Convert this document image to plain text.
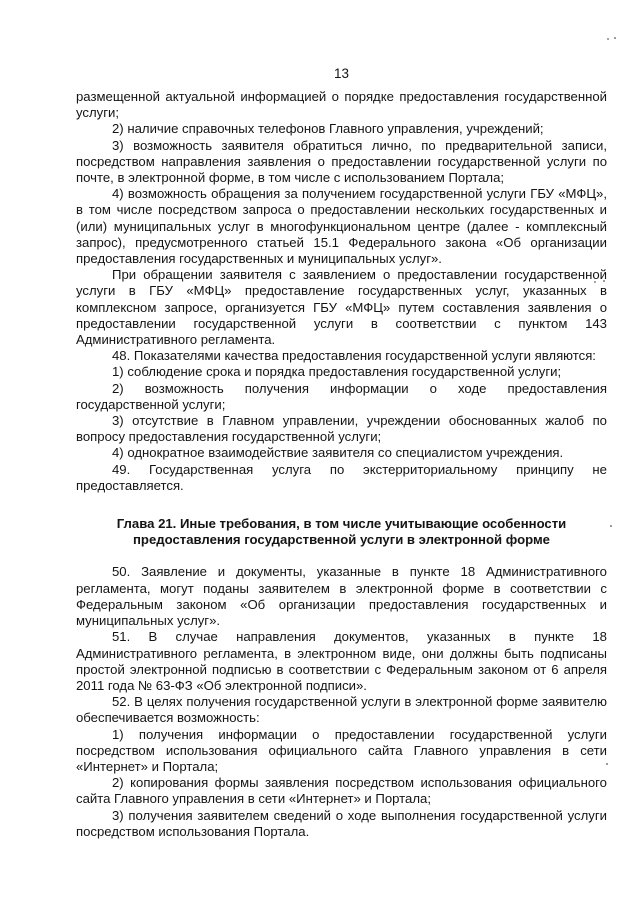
13

размещенной актуальной информацией о порядке предоставления государственной услуги;

2) наличие справочных телефонов Главного управления, учреждений;

3) возможность заявителя обратиться лично, по предварительной записи, посредством направления заявления о предоставлении государственной услуги по почте, в электронной форме, в том числе с использованием Портала;

4) возможность обращения за получением государственной услуги ГБУ «МФЦ», в том числе посредством запроса о предоставлении нескольких государственных и (или) муниципальных услуг в многофункциональном центре (далее - комплексный запрос), предусмотренного статьей 15.1 Федерального закона «Об организации предоставления государственных и муниципальных услуг».

При обращении заявителя с заявлением о предоставлении государственной услуги в ГБУ «МФЦ» предоставление государственных услуг, указанных в комплексном запросе, организуется ГБУ «МФЦ» путем составления заявления о предоставлении государственной услуги в соответствии с пунктом 143 Административного регламента.

48. Показателями качества предоставления государственной услуги являются:

1) соблюдение срока и порядка предоставления государственной услуги;

2) возможность получения информации о ходе предоставления государственной услуги;

3) отсутствие в Главном управлении, учреждении обоснованных жалоб по вопросу предоставления государственной услуги;

4) однократное взаимодействие заявителя со специалистом учреждения.

49. Государственная услуга по экстерриториальному принципу не предоставляется.

Глава 21. Иные требования, в том числе учитывающие особенности
предоставления государственной услуги в электронной форме

50. Заявление и документы, указанные в пункте 18 Административного регламента, могут поданы заявителем в электронной форме в соответствии с Федеральным законом «Об организации предоставления государственных и муниципальных услуг».

51. В случае направления документов, указанных в пункте 18 Административного регламента, в электронном виде, они должны быть подписаны простой электронной подписью в соответствии с Федеральным законом от 6 апреля 2011 года № 63-ФЗ «Об электронной подписи».

52. В целях получения государственной услуги в электронной форме заявителю обеспечивается возможность:

1) получения информации о предоставлении государственной услуги посредством использования официального сайта Главного управления в сети «Интернет» и Портала;

2) копирования формы заявления посредством использования официального сайта Главного управления в сети «Интернет» и Портала;

3) получения заявителем сведений о ходе выполнения государственной услуги посредством использования Портала.
